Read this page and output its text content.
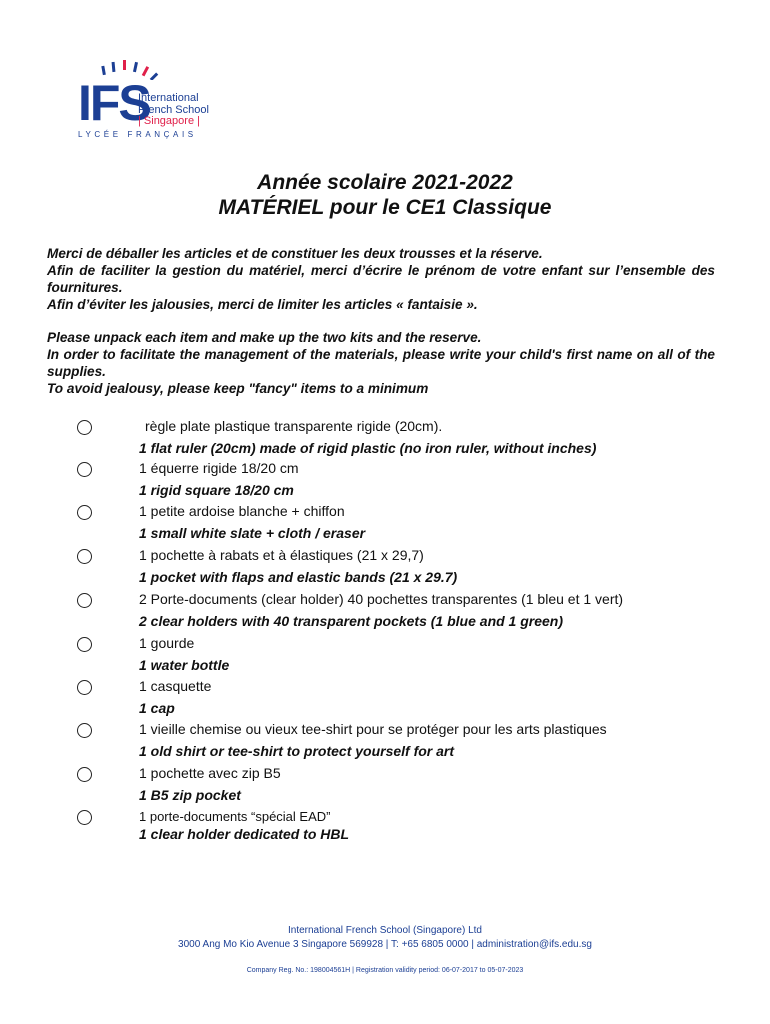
IFS
International
French School
| Singapore |
LYCÉE FRANÇAIS
Année scolaire 2021-2022
MATÉRIEL pour le CE1 Classique

Merci de déballer les articles et de constituer les deux trousses et la réserve.

Afin de faciliter la gestion du matériel, merci d’écrire le prénom de votre enfant sur l’ensemble des fournitures.

Afin d’éviter les jalousies, merci de limiter les articles « fantaisie ».

Please unpack each item and make up the two kits and the reserve.

In order to facilitate the management of the materials, please write your child's first name on all of the supplies.

To avoid jealousy, please keep "fancy" items to a minimum

règle plate plastique transparente rigide (20cm).
1 flat ruler (20cm) made of rigid plastic (no iron ruler, without inches)
1 équerre rigide 18/20 cm
1 rigid square 18/20 cm
1 petite ardoise blanche + chiffon
1 small white slate + cloth / eraser
1 pochette à rabats et à élastiques (21 x 29,7)
1 pocket with flaps and elastic bands (21 x 29.7)
2 Porte-documents (clear holder) 40 pochettes transparentes (1 bleu et 1 vert)
2 clear holders with 40 transparent pockets (1 blue and 1 green)
1 gourde
1 water bottle
1 casquette
1 cap
1 vieille chemise ou vieux tee-shirt pour se protéger pour les arts plastiques
1 old shirt or tee-shirt to protect yourself for art
1 pochette avec zip B5
1 B5 zip pocket
1 porte-documents “spécial EAD”
1 clear holder dedicated to HBL
International French School (Singapore) Ltd
3000 Ang Mo Kio Avenue 3 Singapore 569928 | T: +65 6805 0000 | administration@ifs.edu.sg
Company Reg. No.: 198004561H | Registration validity period: 06-07-2017 to 05-07-2023
